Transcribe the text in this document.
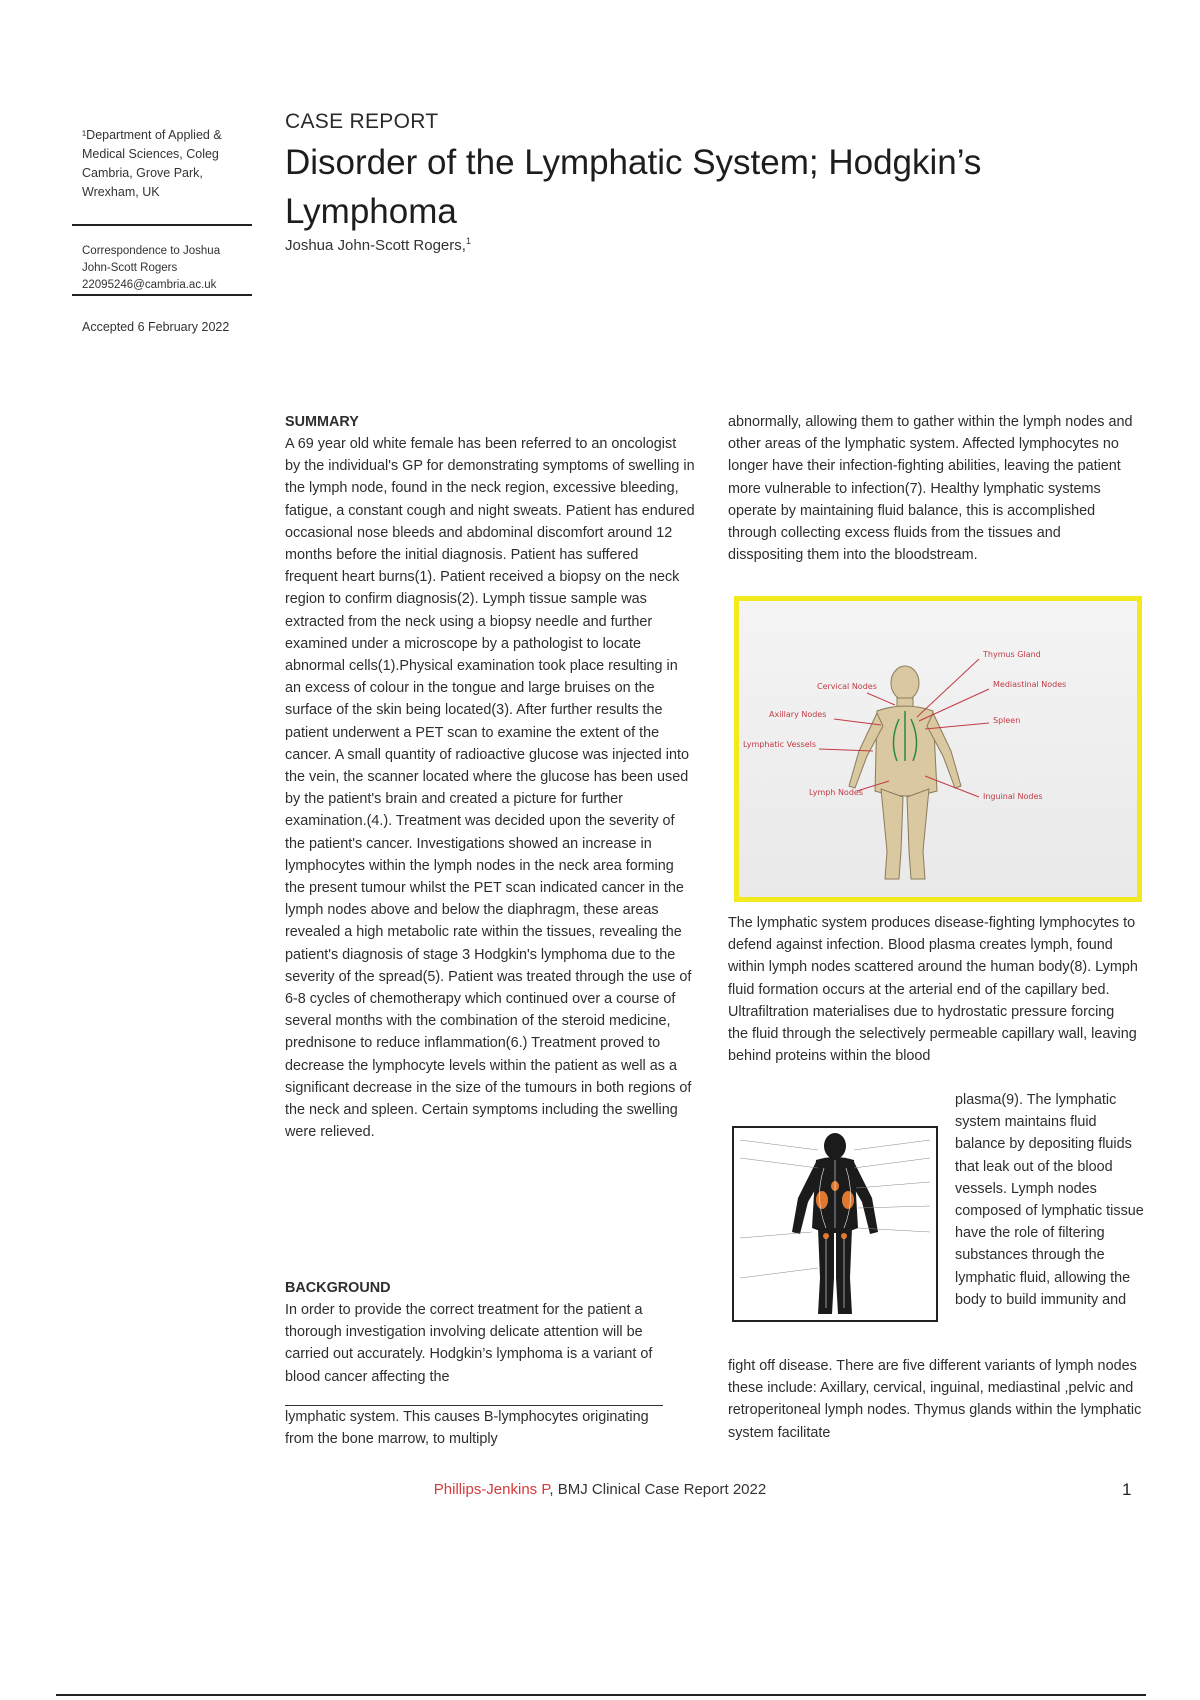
¹Department of Applied & Medical Sciences, Coleg Cambria, Grove Park, Wrexham, UK
Correspondence to Joshua John-Scott Rogers 22095246@cambria.ac.uk
Accepted 6 February 2022
CASE REPORT
Disorder of the Lymphatic System; Hodgkin’s Lymphoma
Joshua John-Scott Rogers,$^1$
SUMMARY

A 69 year old white female has been referred to an oncologist by the individual's GP for demonstrating symptoms of swelling in the lymph node, found in the neck region, excessive bleeding, fatigue, a constant cough and night sweats. Patient has endured occasional nose bleeds and abdominal discomfort around 12 months before the initial diagnosis. Patient has suffered frequent heart burns(1). Patient received a biopsy on the neck region to confirm diagnosis(2). Lymph tissue sample was extracted from the neck using a biopsy needle and further examined under a microscope by a pathologist to locate abnormal cells(1).Physical examination took place resulting in an excess of colour in the tongue and large bruises on the surface of the skin being located(3). After further results the patient underwent a PET scan to examine the extent of the cancer. A small quantity of radioactive glucose was injected into the vein, the scanner located where the glucose has been used by the patient's brain and created a picture for further examination.(4.). Treatment was decided upon the severity of the patient's cancer. Investigations showed an increase in lymphocytes within the lymph nodes in the neck area forming the present tumour whilst the PET scan indicated cancer in the lymph nodes above and below the diaphragm, these areas revealed a high metabolic rate within the tissues, revealing the patient's diagnosis of stage 3 Hodgkin's lymphoma due to the severity of the spread(5). Patient was treated through the use of 6-8 cycles of chemotherapy which continued over a course of several months with the combination of the steroid medicine, prednisone to reduce inflammation(6.) Treatment proved to decrease the lymphocyte levels within the patient as well as a significant decrease in the size of the tumours in both regions of the neck and spleen. Certain symptoms including the swelling were relieved.

BACKGROUND

In order to provide the correct treatment for the patient a thorough investigation involving delicate attention will be carried out accurately. Hodgkin’s lymphoma is a variant of blood cancer affecting the

lymphatic system. This causes B-lymphocytes originating from the bone marrow, to multiply
abnormally, allowing them to gather within the lymph nodes and other areas of the lymphatic system. Affected lymphocytes no longer have their infection-fighting abilities, leaving the patient more vulnerable to infection(7). Healthy lymphatic systems operate by maintaining fluid balance, this is accomplished through collecting excess fluids from the tissues and disspositing them into the bloodstream.
Thymus Gland
Mediastinal Nodes
Spleen
Inguinal Nodes
Cervical Nodes
Axillary Nodes
Lymphatic Vessels
Lymph Nodes
The lymphatic system produces disease-fighting lymphocytes to defend against infection. Blood plasma creates lymph, found within lymph nodes scattered around the human body(8). Lymph fluid formation occurs at the arterial end of the capillary bed. Ultrafiltration materialises due to hydrostatic pressure forcing the fluid through the selectively permeable capillary wall, leaving behind proteins within the blood
plasma(9). The lymphatic system maintains fluid balance by depositing fluids that leak out of the blood vessels. Lymph nodes composed of lymphatic tissue have the role of filtering substances through the lymphatic fluid, allowing the body to build immunity and
fight off disease. There are five different variants of lymph nodes these include: Axillary, cervical, inguinal, mediastinal ,pelvic and retroperitoneal lymph nodes. Thymus glands within the lymphatic system facilitate
Phillips-Jenkins P, BMJ Clinical Case Report 2022	1
